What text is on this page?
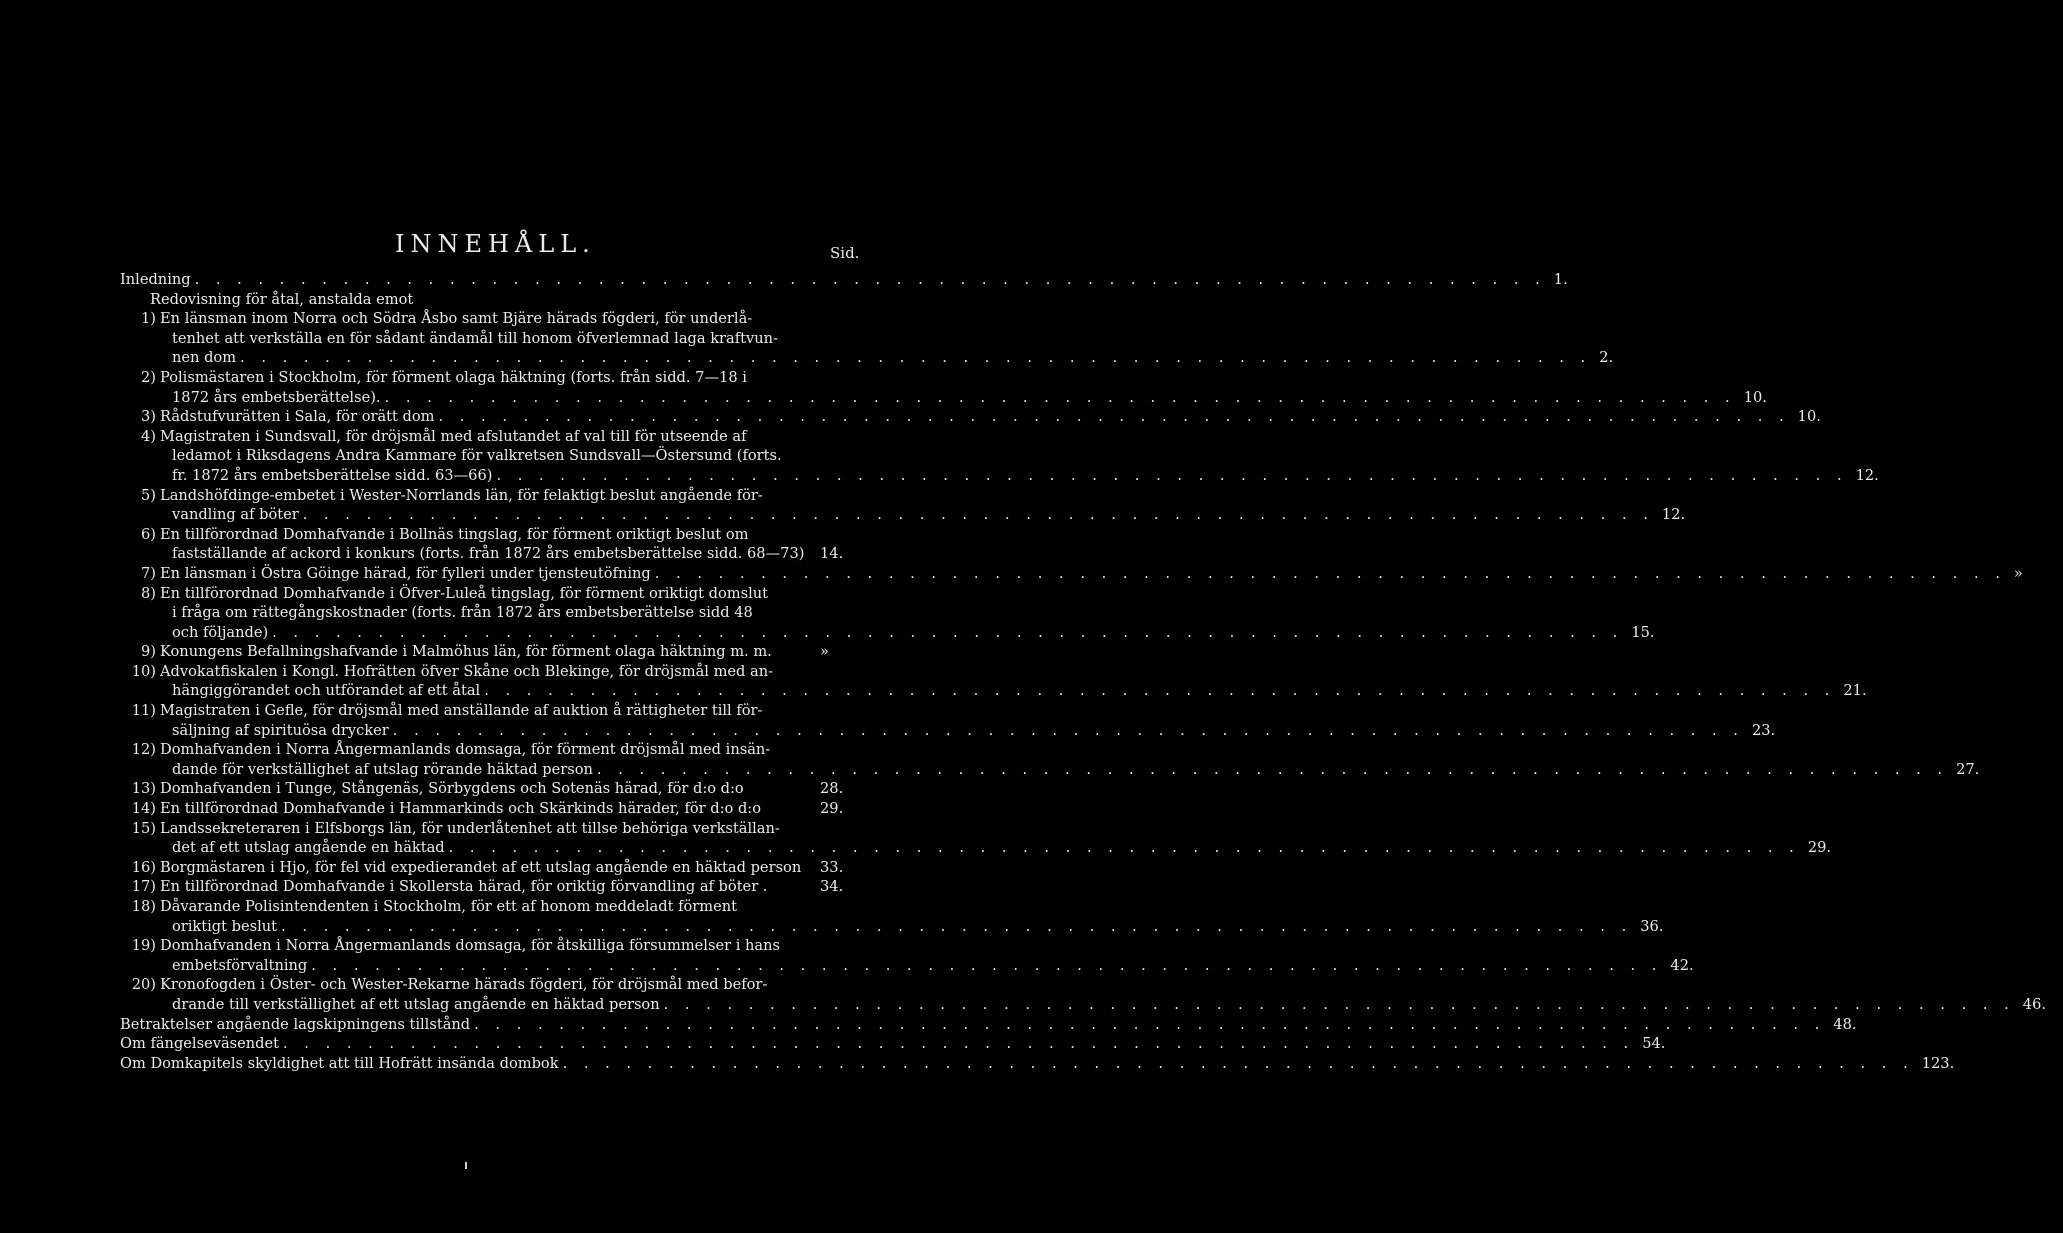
INNEHÅLL.	Sid.
Inledning . . .	1.
Redovisning för åtal, anstalda emot
1) En länsman inom Norra och Södra Åsbo samt Bjäre härads fögderi, för underlå-
tenhet att verkställa en för sådant ändamål till honom öfverlemnad laga kraftvun-
nen dom . . .	2.
2) Polismästaren i Stockholm, för förment olaga häktning (forts. från sidd. 7—18 i
1872 års embetsberättelse). . . .	10.
3) Rådstufvurätten i Sala, för orätt dom . . .	10.
4) Magistraten i Sundsvall, för dröjsmål med afslutandet af val till för utseende af
ledamot i Riksdagens Andra Kammare för valkretsen Sundsvall—Östersund (forts.
fr. 1872 års embetsberättelse sidd. 63—66) . . .	12.
5) Landshöfdinge-embetet i Wester-Norrlands län, för felaktigt beslut angående för-
vandling af böter . . .	12.
6) En tillförordnad Domhafvande i Bollnäs tingslag, för förment oriktigt beslut om
fastställande af ackord i konkurs (forts. från 1872 års embetsberättelse sidd. 68—73) 14.
7) En länsman i Östra Göinge härad, för fylleri under tjensteutöfning . . .	»
8) En tillförordnad Domhafvande i Öfver-Luleå tingslag, för förment oriktigt domslut
i fråga om rättegångskostnader (forts. från 1872 års embetsberättelse sidd 48
och följande) . . .	15.
9) Konungens Befallningshafvande i Malmöhus län, för förment olaga häktning m. m.	»
10) Advokatfiskalen i Kongl. Hofrätten öfver Skåne och Blekinge, för dröjsmål med an-
hängiggörandet och utförandet af ett åtal . . .	21.
11) Magistraten i Gefle, för dröjsmål med anställande af auktion å rättigheter till för-
säljning af spirituösa drycker . . .	23.
12) Domhafvanden i Norra Ångermanlands domsaga, för förment dröjsmål med insän-
dande för verkställighet af utslag rörande häktad person . . .	27.
13) Domhafvanden i Tunge, Stångenäs, Sörbygdens och Sotenäs härad, för d:o d:o	28.
14) En tillförordnad Domhafvande i Hammarkinds och Skärkinds härader, för d:o d:o	29.
15) Landssekreteraren i Elfsborgs län, för underlåtenhet att tillse behöriga verkställan-
det af ett utslag angående en häktad . . .	29.
16) Borgmästaren i Hjo, för fel vid expedierandet af ett utslag angående en häktad person 33.
17) En tillförordnad Domhafvande i Skollersta härad, för oriktig förvandling af böter .	34.
18) Dåvarande Polisintendenten i Stockholm, för ett af honom meddeladt förment
oriktigt beslut . . .	36.
19) Domhafvanden i Norra Ångermanlands domsaga, för åtskilliga försummelser i hans
embetsförvaltning . . .	42.
20) Kronofogden i Öster- och Wester-Rekarne härads fögderi, för dröjsmål med befor-
drande till verkställighet af ett utslag angående en häktad person . . .	46.
Betraktelser angående lagskipningens tillstånd . . .	48.
Om fängelseväsendet . . .	54.
Om Domkapitels skyldighet att till Hofrätt insända dombok . . .	123.
